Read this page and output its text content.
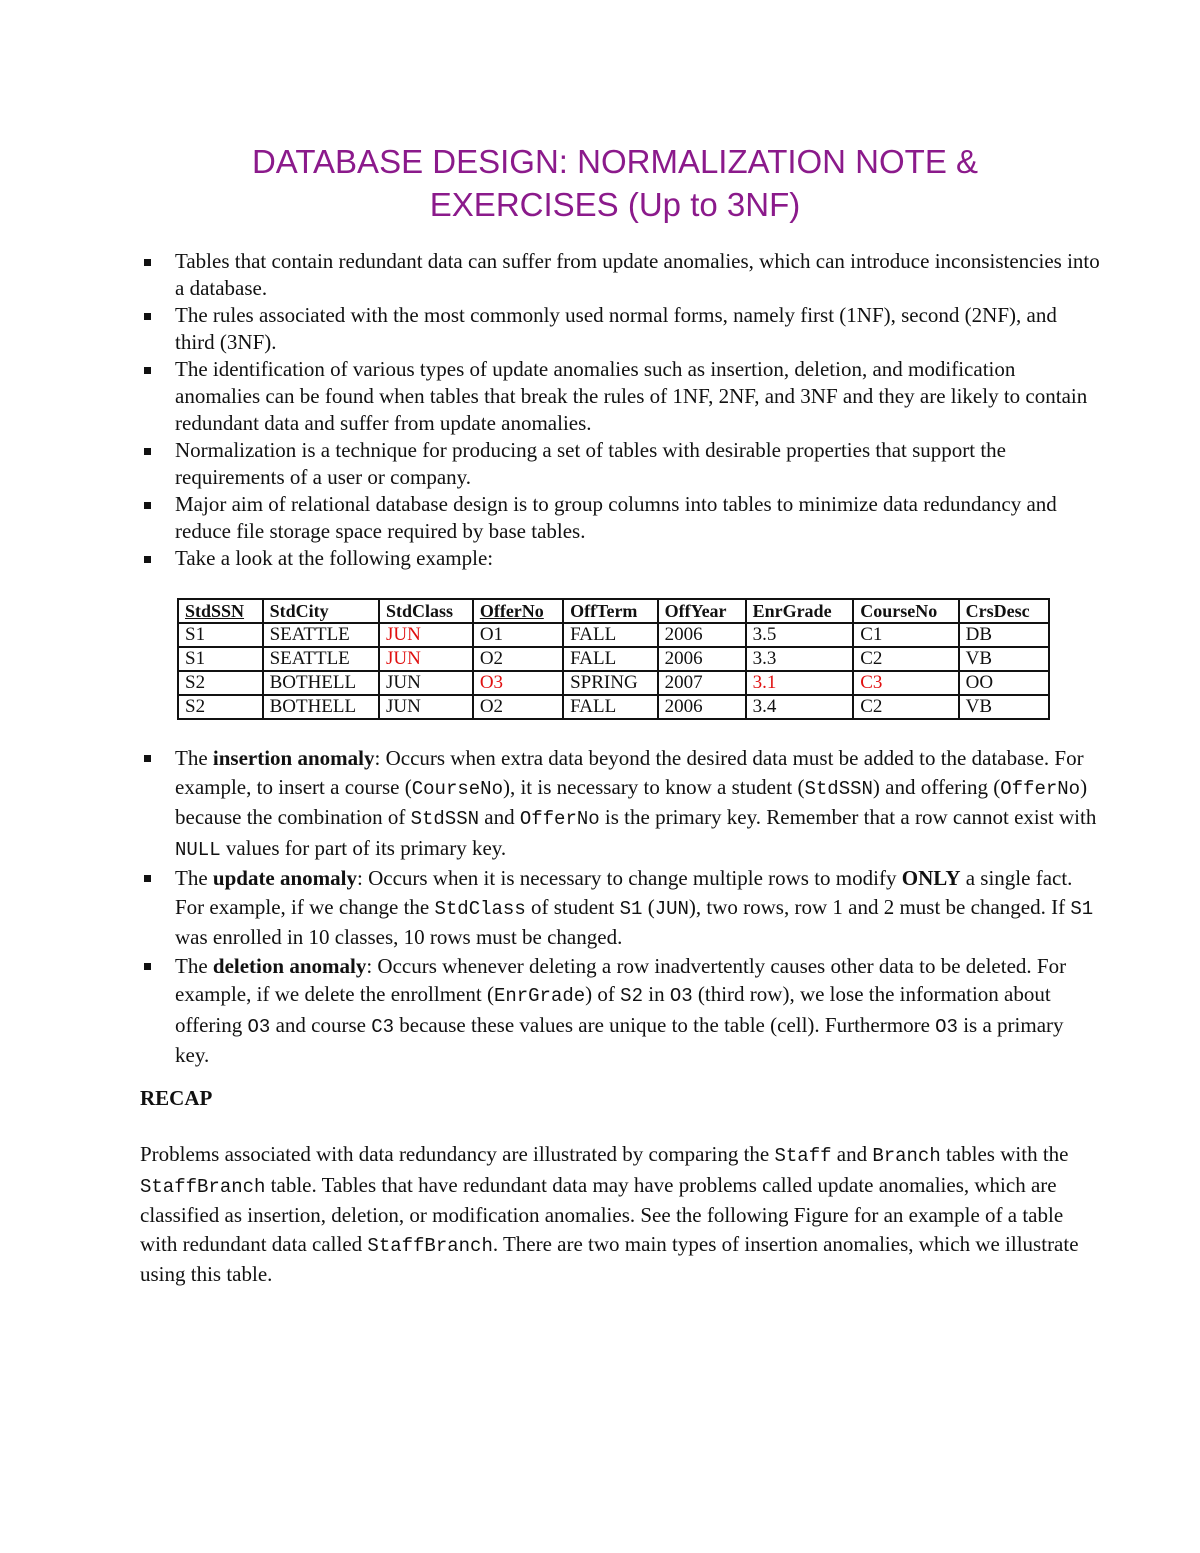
DATABASE DESIGN: NORMALIZATION NOTE &
EXERCISES (Up to 3NF)
Tables that contain redundant data can suffer from update anomalies, which can introduce inconsistencies into a database.
The rules associated with the most commonly used normal forms, namely first (1NF), second (2NF), and third (3NF).
The identification of various types of update anomalies such as insertion, deletion, and modification anomalies can be found when tables that break the rules of 1NF, 2NF, and 3NF and they are likely to contain redundant data and suffer from update anomalies.
Normalization is a technique for producing a set of tables with desirable properties that support the requirements of a user or company.
Major aim of relational database design is to group columns into tables to minimize data redundancy and reduce file storage space required by base tables.
Take a look at the following example:
StdSSN	StdCity	StdClass	OfferNo	OffTerm	OffYear	EnrGrade	CourseNo	CrsDesc
S1	SEATTLE	JUN	O1	FALL	2006	3.5	C1	DB
S1	SEATTLE	JUN	O2	FALL	2006	3.3	C2	VB
S2	BOTHELL	JUN	O3	SPRING	2007	3.1	C3	OO
S2	BOTHELL	JUN	O2	FALL	2006	3.4	C2	VB
The insertion anomaly: Occurs when extra data beyond the desired data must be added to the database. For example, to insert a course (CourseNo), it is necessary to know a student (StdSSN) and offering (OfferNo) because the combination of StdSSN and OfferNo is the primary key. Remember that a row cannot exist with NULL values for part of its primary key.
The update anomaly: Occurs when it is necessary to change multiple rows to modify ONLY a single fact. For example, if we change the StdClass of student S1 (JUN), two rows, row 1 and 2 must be changed. If S1 was enrolled in 10 classes, 10 rows must be changed.
The deletion anomaly: Occurs whenever deleting a row inadvertently causes other data to be deleted. For example, if we delete the enrollment (EnrGrade) of S2 in O3 (third row), we lose the information about offering O3 and course C3 because these values are unique to the table (cell). Furthermore O3 is a primary key.
RECAP

Problems associated with data redundancy are illustrated by comparing the Staff and Branch tables with the StaffBranch table. Tables that have redundant data may have problems called update anomalies, which are classified as insertion, deletion, or modification anomalies. See the following Figure for an example of a table with redundant data called StaffBranch. There are two main types of insertion anomalies, which we illustrate using this table.
